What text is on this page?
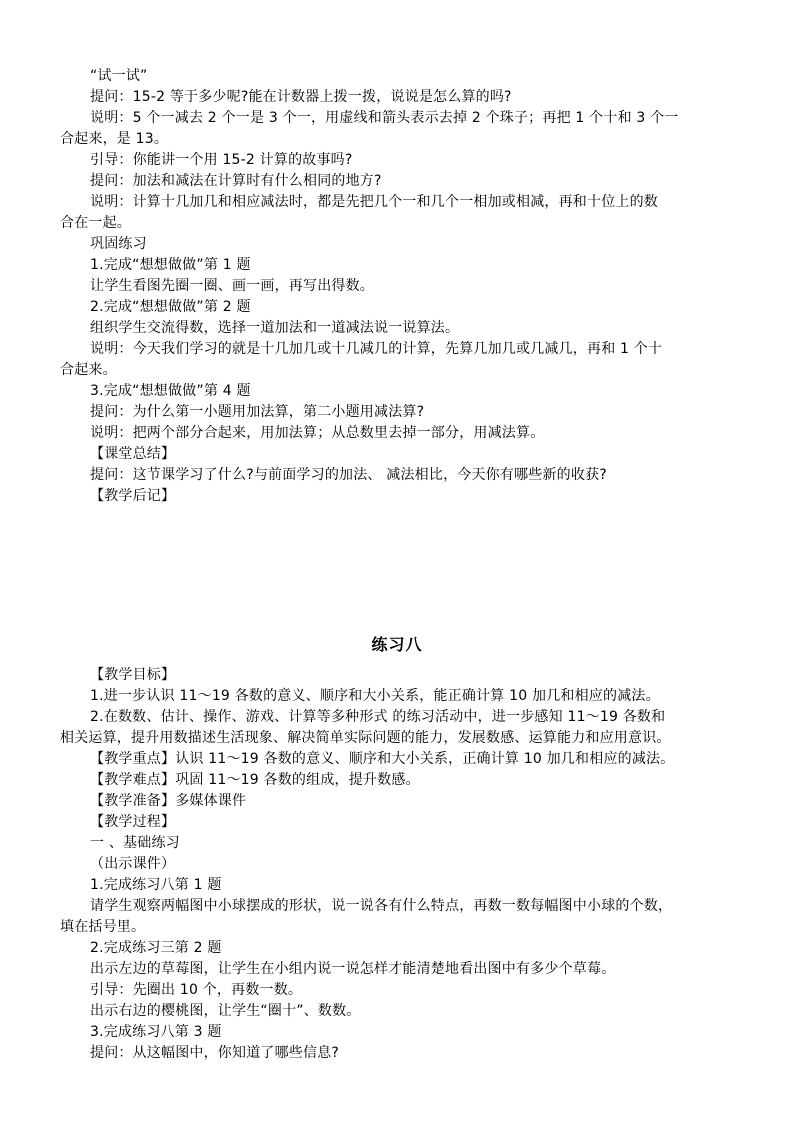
“试一试”
提问：15-2 等于多少呢?能在计数器上拨一拨，说说是怎么算的吗?
说明：5 个一减去 2 个一是 3 个一，用虚线和箭头表示去掉 2 个珠子；再把 1 个十和 3 个一
合起来，是 13。
引导：你能讲一个用 15-2 计算的故事吗?
提问：加法和减法在计算时有什么相同的地方?
说明：计算十几加几和相应减法时，都是先把几个一和几个一相加或相减，再和十位上的数
合在一起。
巩固练习
1.完成“想想做做”第 1 题
让学生看图先圈一圈、画一画，再写出得数。
2.完成“想想做做”第 2 题
组织学生交流得数，选择一道加法和一道减法说一说算法。
说明：今天我们学习的就是十几加几或十几减几的计算，先算几加几或几减几，再和 1 个十
合起来。
3.完成“想想做做”第 4 题
提问：为什么第一小题用加法算，第二小题用减法算?
说明：把两个部分合起来，用加法算；从总数里去掉一部分，用减法算。
【课堂总结】
提问：这节课学习了什么?与前面学习的加法、 减法相比，今天你有哪些新的收获?
【教学后记】
练习八
【教学目标】
1.进一步认识 11～19 各数的意义、顺序和大小关系，能正确计算 10 加几和相应的减法。
2.在数数、估计、操作、游戏、计算等多种形式 的练习活动中，进一步感知 11～19 各数和
相关运算，提升用数描述生活现象、解决简单实际问题的能力，发展数感、运算能力和应用意识。
【教学重点】认识 11～19 各数的意义、顺序和大小关系，正确计算 10 加几和相应的减法。
【教学难点】巩固 11～19 各数的组成，提升数感。
【教学准备】多媒体课件
【教学过程】
一 、基础练习
（出示课件）
1.完成练习八第 1 题
请学生观察两幅图中小球摆成的形状，说一说各有什么特点，再数一数每幅图中小球的个数，
填在括号里。
2.完成练习三第 2 题
出示左边的草莓图，让学生在小组内说一说怎样才能清楚地看出图中有多少个草莓。
引导：先圈出 10 个，再数一数。
出示右边的樱桃图，让学生“圈十”、数数。
3.完成练习八第 3 题
提问：从这幅图中，你知道了哪些信息?
